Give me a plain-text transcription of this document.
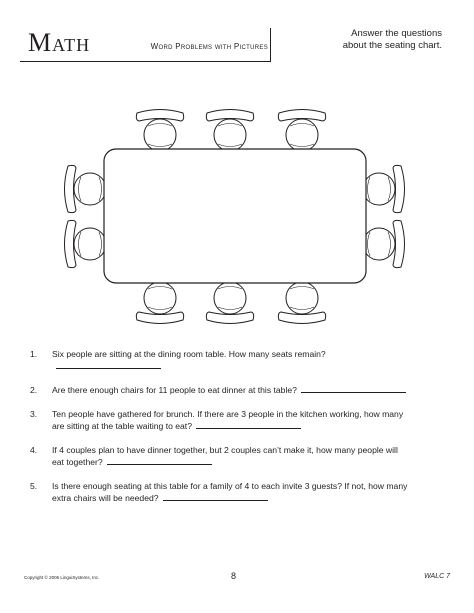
Math	Word Problems with Pictures
Answer the questions
about the seating chart.
1. Six people are sitting at the dining room table. How many seats remain?
2. Are there enough chairs for 11 people to eat dinner at this table?
3. Ten people have gathered for brunch. If there are 3 people in the kitchen working, how many
are sitting at the table waiting to eat?
4. If 4 couples plan to have dinner together, but 2 couples can’t make it, how many people will
eat together?
5. Is there enough seating at this table for a family of 4 to each invite 3 guests? If not, how many
extra chairs will be needed?
Copyright © 2006 LinguiSystems, Inc.	8	WALC 7
